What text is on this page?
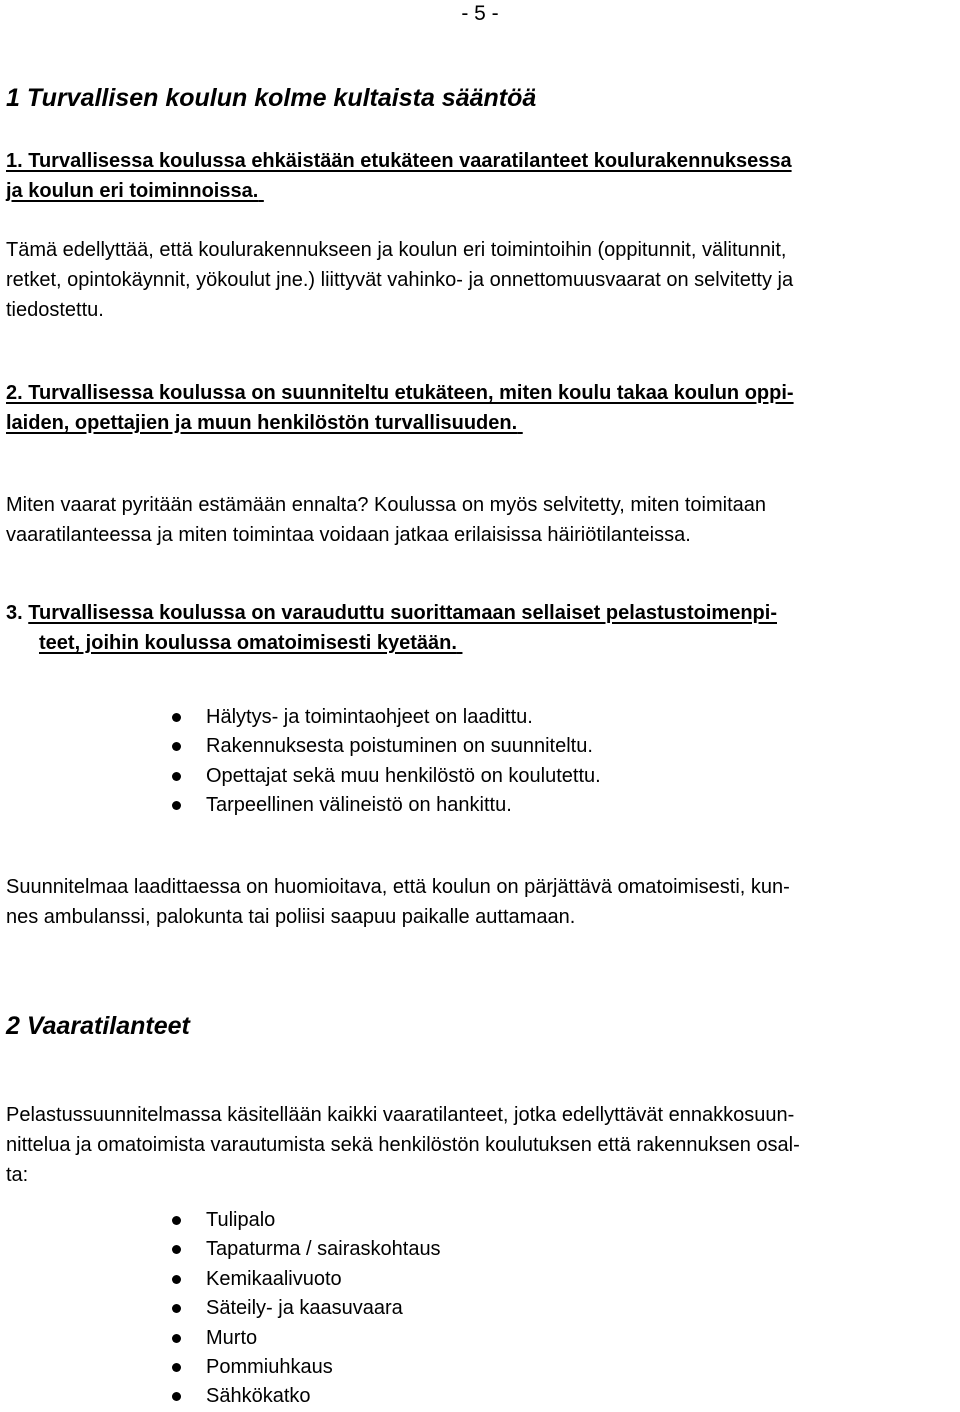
- 5 -
1 Turvallisen koulun kolme kultaista sääntöä
1. Turvallisessa koulussa ehkäistään etukäteen vaaratilanteet koulurakennuksessa
ja koulun eri toiminnoissa.
Tämä edellyttää, että koulurakennukseen ja koulun eri toimintoihin (oppitunnit, välitunnit,
retket, opintokäynnit, yökoulut jne.) liittyvät vahinko- ja onnettomuusvaarat on selvitetty ja
tiedostettu.
2. Turvallisessa koulussa on suunniteltu etukäteen, miten koulu takaa koulun oppi-
laiden, opettajien ja muun henkilöstön turvallisuuden.
Miten vaarat pyritään estämään ennalta? Koulussa on myös selvitetty, miten toimitaan
vaaratilanteessa ja miten toimintaa voidaan jatkaa erilaisissa häiriötilanteissa.
3. Turvallisessa koulussa on varauduttu suorittamaan sellaiset pelastustoimenpi-
teet, joihin koulussa omatoimisesti kyetään.
Hälytys- ja toimintaohjeet on laadittu.
Rakennuksesta poistuminen on suunniteltu.
Opettajat sekä muu henkilöstö on koulutettu.
Tarpeellinen välineistö on hankittu.
Suunnitelmaa laadittaessa on huomioitava, että koulun on pärjättävä omatoimisesti, kun-
nes ambulanssi, palokunta tai poliisi saapuu paikalle auttamaan.
2 Vaaratilanteet
Pelastussuunnitelmassa käsitellään kaikki vaaratilanteet, jotka edellyttävät ennakkosuun-
nittelua ja omatoimista varautumista sekä henkilöstön koulutuksen että rakennuksen osal-
ta:
Tulipalo
Tapaturma / sairaskohtaus
Kemikaalivuoto
Säteily- ja kaasuvaara
Murto
Pommiuhkaus
Sähkökatko
